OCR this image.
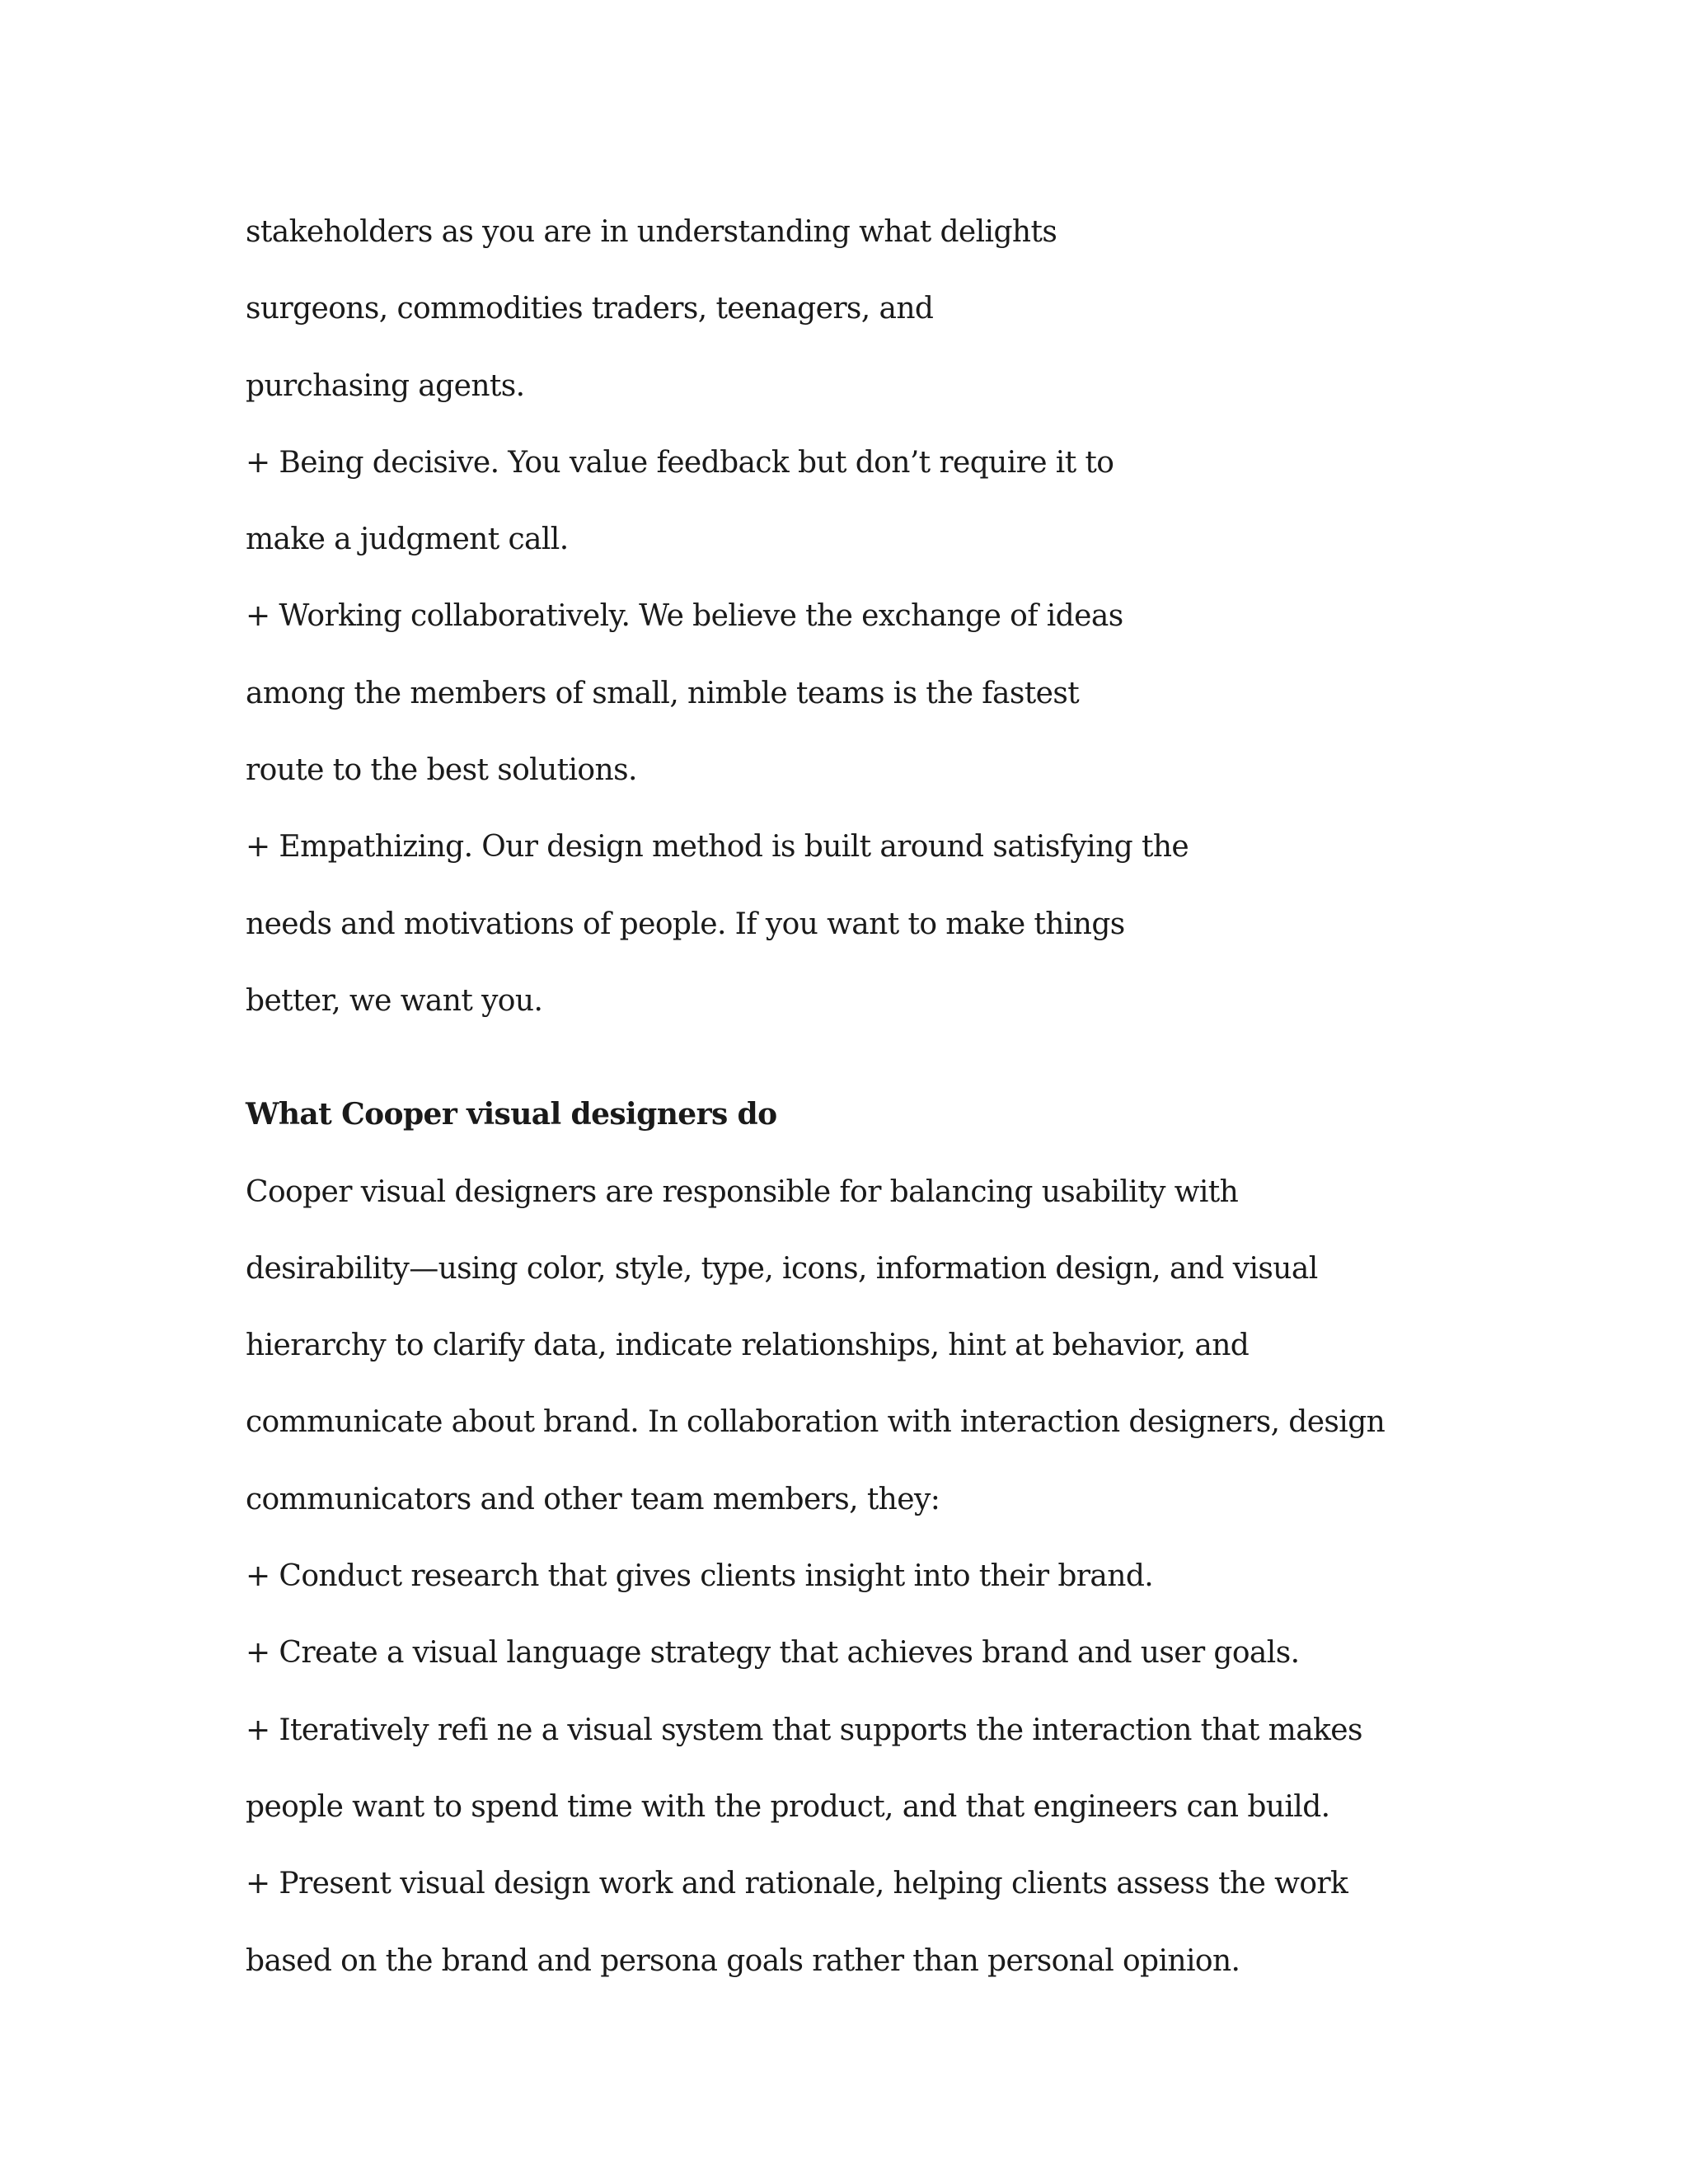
stakeholders as you are in understanding what delights
surgeons, commodities traders, teenagers, and
purchasing agents.
+ Being decisive. You value feedback but don’t require it to
make a judgment call.
+ Working collaboratively. We believe the exchange of ideas
among the members of small, nimble teams is the fastest
route to the best solutions.
+ Empathizing. Our design method is built around satisfying the
needs and motivations of people. If you want to make things
better, we want you.
What Cooper visual designers do
Cooper visual designers are responsible for balancing usability with
desirability—using color, style, type, icons, information design, and visual
hierarchy to clarify data, indicate relationships, hint at behavior, and
communicate about brand. In collaboration with interaction designers, design
communicators and other team members, they:
+ Conduct research that gives clients insight into their brand.
+ Create a visual language strategy that achieves brand and user goals.
+ Iteratively refi ne a visual system that supports the interaction that makes
people want to spend time with the product, and that engineers can build.
+ Present visual design work and rationale, helping clients assess the work
based on the brand and persona goals rather than personal opinion.
